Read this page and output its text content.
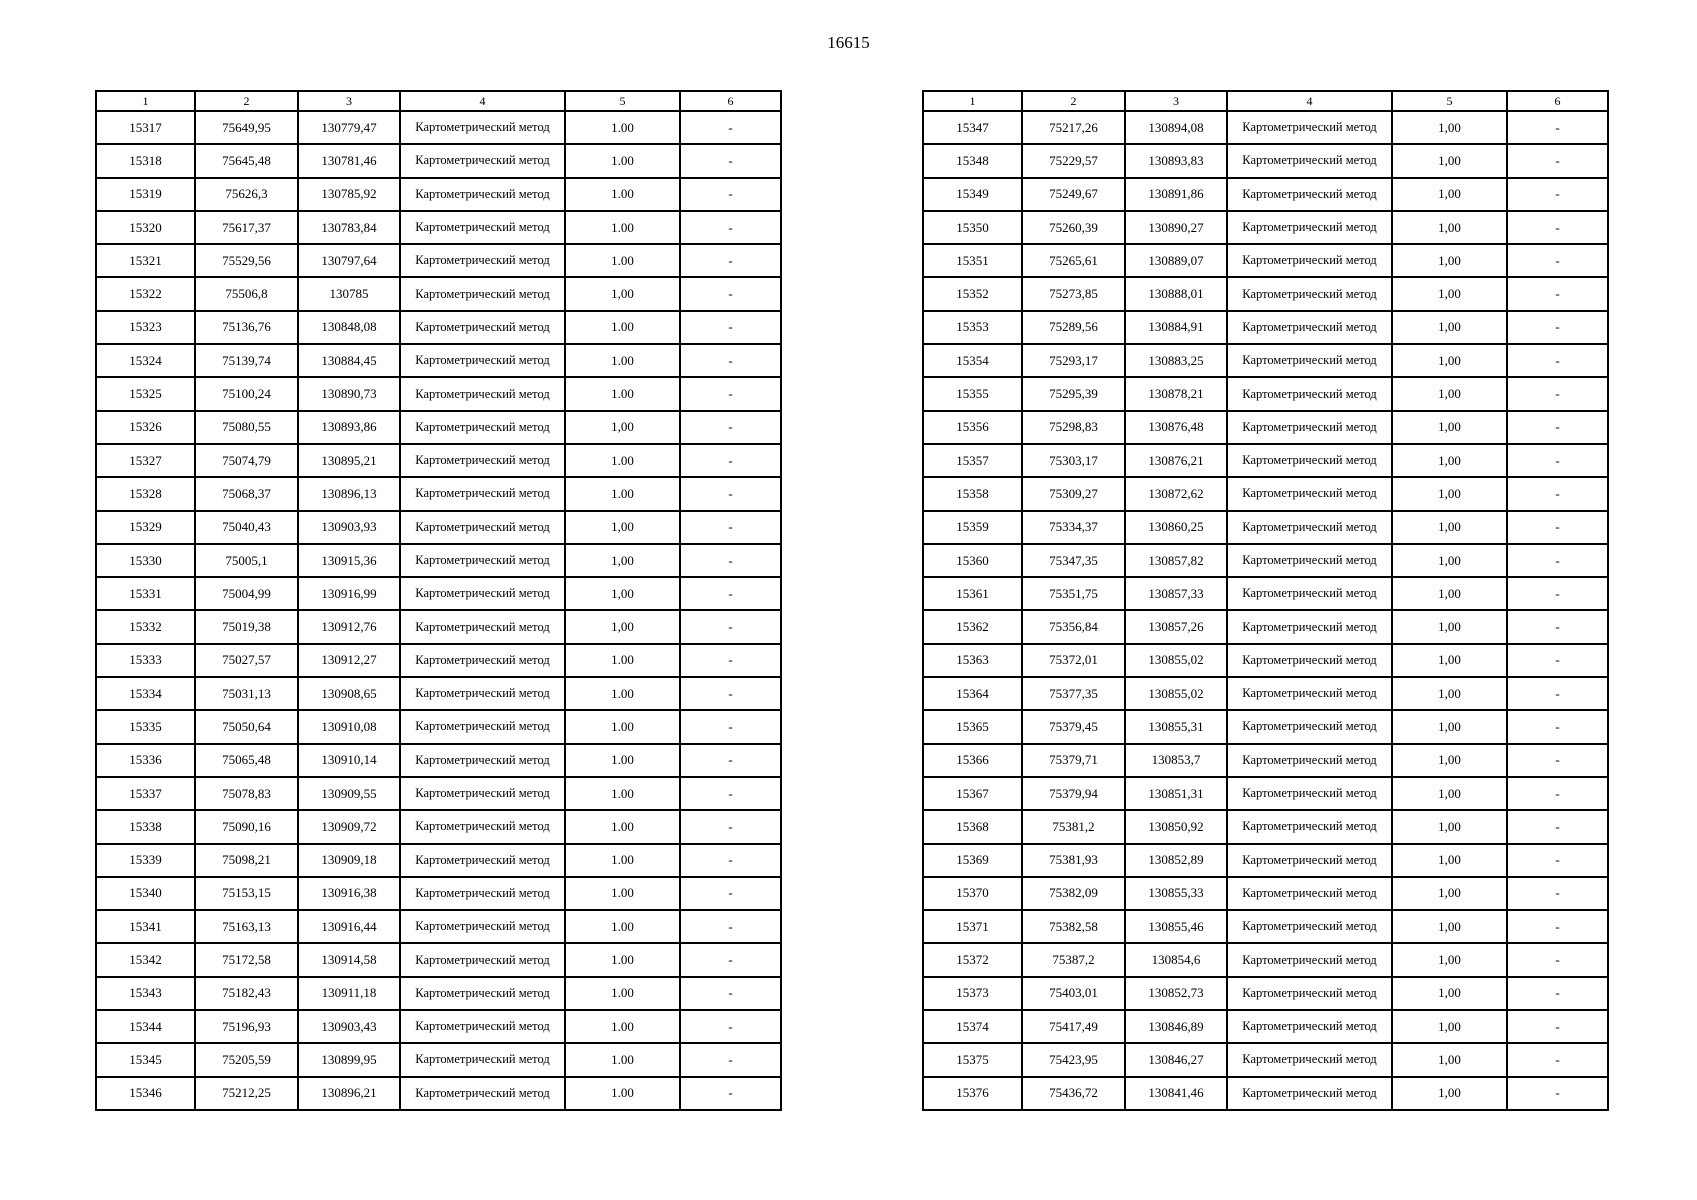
16615
1	2	3	4	5	6
15317	75649,95	130779,47	Картометрический метод	1.00	-
15318	75645,48	130781,46	Картометрический метод	1.00	-
15319	75626,3	130785,92	Картометрический метод	1.00	-
15320	75617,37	130783,84	Картометрический метод	1.00	-
15321	75529,56	130797,64	Картометрический метод	1.00	-
15322	75506,8	130785	Картометрический метод	1,00	-
15323	75136,76	130848,08	Картометрический метод	1.00	-
15324	75139,74	130884,45	Картометрический метод	1.00	-
15325	75100,24	130890,73	Картометрический метод	1.00	-
15326	75080,55	130893,86	Картометрический метод	1,00	-
15327	75074,79	130895,21	Картометрический метод	1.00	-
15328	75068,37	130896,13	Картометрический метод	1.00	-
15329	75040,43	130903,93	Картометрический метод	1,00	-
15330	75005,1	130915,36	Картометрический метод	1,00	-
15331	75004,99	130916,99	Картометрический метод	1,00	-
15332	75019,38	130912,76	Картометрический метод	1,00	-
15333	75027,57	130912,27	Картометрический метод	1.00	-
15334	75031,13	130908,65	Картометрический метод	1.00	-
15335	75050,64	130910,08	Картометрический метод	1.00	-
15336	75065,48	130910,14	Картометрический метод	1.00	-
15337	75078,83	130909,55	Картометрический метод	1.00	-
15338	75090,16	130909,72	Картометрический метод	1.00	-
15339	75098,21	130909,18	Картометрический метод	1.00	-
15340	75153,15	130916,38	Картометрический метод	1.00	-
15341	75163,13	130916,44	Картометрический метод	1.00	-
15342	75172,58	130914,58	Картометрический метод	1.00	-
15343	75182,43	130911,18	Картометрический метод	1.00	-
15344	75196,93	130903,43	Картометрический метод	1.00	-
15345	75205,59	130899,95	Картометрический метод	1.00	-
15346	75212,25	130896,21	Картометрический метод	1.00	-
1	2	3	4	5	6
15347	75217,26	130894,08	Картометрический метод	1,00	-
15348	75229,57	130893,83	Картометрический метод	1,00	-
15349	75249,67	130891,86	Картометрический метод	1,00	-
15350	75260,39	130890,27	Картометрический метод	1,00	-
15351	75265,61	130889,07	Картометрический метод	1,00	-
15352	75273,85	130888,01	Картометрический метод	1,00	-
15353	75289,56	130884,91	Картометрический метод	1,00	-
15354	75293,17	130883,25	Картометрический метод	1,00	-
15355	75295,39	130878,21	Картометрический метод	1,00	-
15356	75298,83	130876,48	Картометрический метод	1,00	-
15357	75303,17	130876,21	Картометрический метод	1,00	-
15358	75309,27	130872,62	Картометрический метод	1,00	-
15359	75334,37	130860,25	Картометрический метод	1,00	-
15360	75347,35	130857,82	Картометрический метод	1,00	-
15361	75351,75	130857,33	Картометрический метод	1,00	-
15362	75356,84	130857,26	Картометрический метод	1,00	-
15363	75372,01	130855,02	Картометрический метод	1,00	-
15364	75377,35	130855,02	Картометрический метод	1,00	-
15365	75379,45	130855,31	Картометрический метод	1,00	-
15366	75379,71	130853,7	Картометрический метод	1,00	-
15367	75379,94	130851,31	Картометрический метод	1,00	-
15368	75381,2	130850,92	Картометрический метод	1,00	-
15369	75381,93	130852,89	Картометрический метод	1,00	-
15370	75382,09	130855,33	Картометрический метод	1,00	-
15371	75382,58	130855,46	Картометрический метод	1,00	-
15372	75387,2	130854,6	Картометрический метод	1,00	-
15373	75403,01	130852,73	Картометрический метод	1,00	-
15374	75417,49	130846,89	Картометрический метод	1,00	-
15375	75423,95	130846,27	Картометрический метод	1,00	-
15376	75436,72	130841,46	Картометрический метод	1,00	-
